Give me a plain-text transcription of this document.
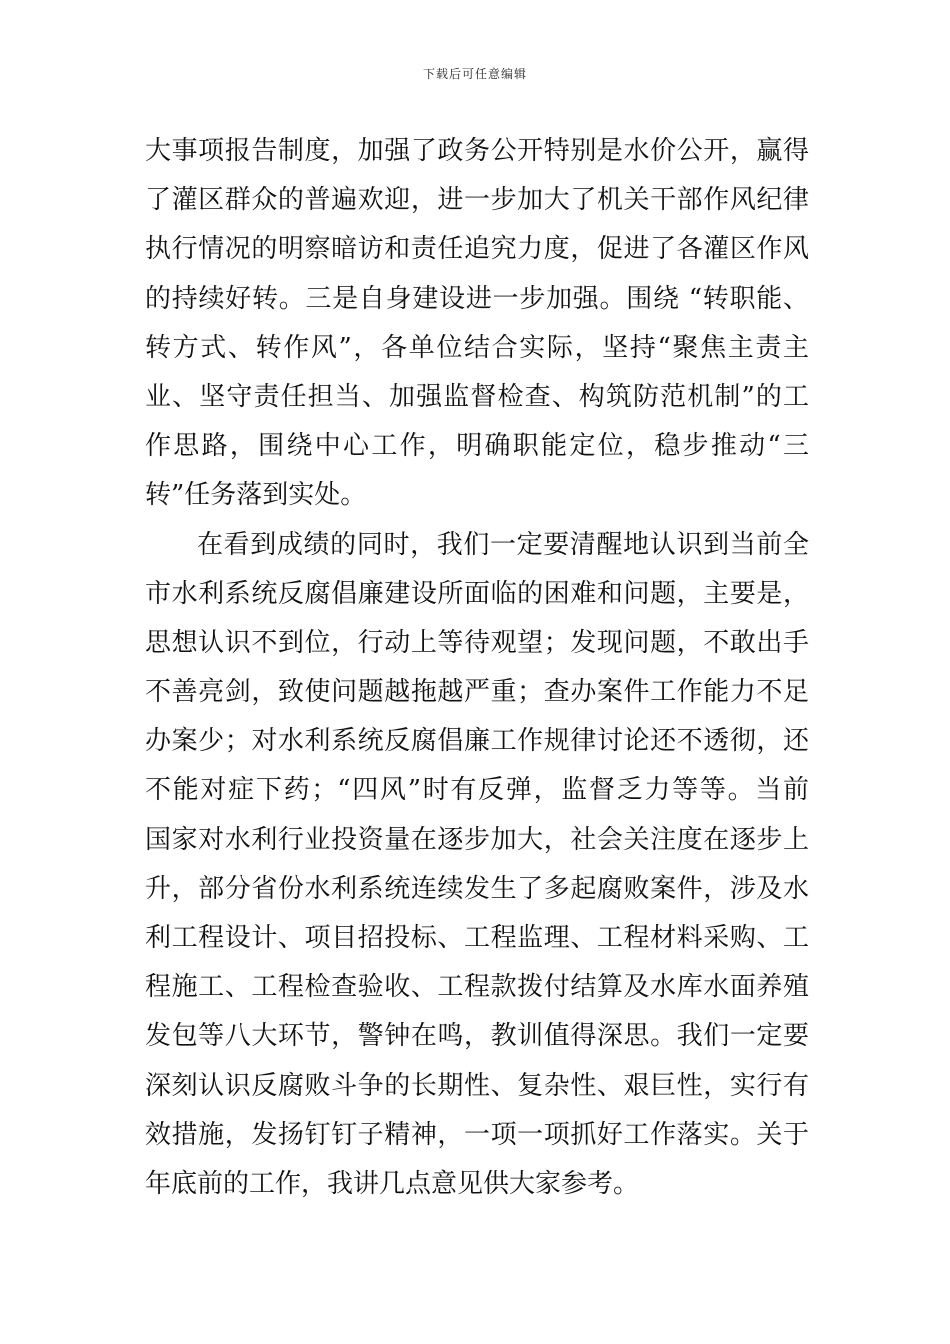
下载后可任意编辑
大事项报告制度，加强了政务公开特别是水价公开，赢得
了灌区群众的普遍欢迎，进一步加大了机关干部作风纪律
执行情况的明察暗访和责任追究力度，促进了各灌区作风
的持续好转。三是自身建设进一步加强。围绕 “转职能、
转方式、转作风”，各单位结合实际，坚持“聚焦主责主
业、坚守责任担当、加强监督检查、构筑防范机制”的工
作思路，围绕中心工作，明确职能定位，稳步推动“三
转”任务落到实处。
在看到成绩的同时，我们一定要清醒地认识到当前全
市水利系统反腐倡廉建设所面临的困难和问题，主要是，
思想认识不到位，行动上等待观望；发现问题，不敢出手
不善亮剑，致使问题越拖越严重；查办案件工作能力不足
办案少；对水利系统反腐倡廉工作规律讨论还不透彻，还
不能对症下药；“四风”时有反弹，监督乏力等等。当前
国家对水利行业投资量在逐步加大，社会关注度在逐步上
升，部分省份水利系统连续发生了多起腐败案件，涉及水
利工程设计、项目招投标、工程监理、工程材料采购、工
程施工、工程检查验收、工程款拨付结算及水库水面养殖
发包等八大环节，警钟在鸣，教训值得深思。我们一定要
深刻认识反腐败斗争的长期性、复杂性、艰巨性，实行有
效措施，发扬钉钉子精神，一项一项抓好工作落实。关于
年底前的工作，我讲几点意见供大家参考。
